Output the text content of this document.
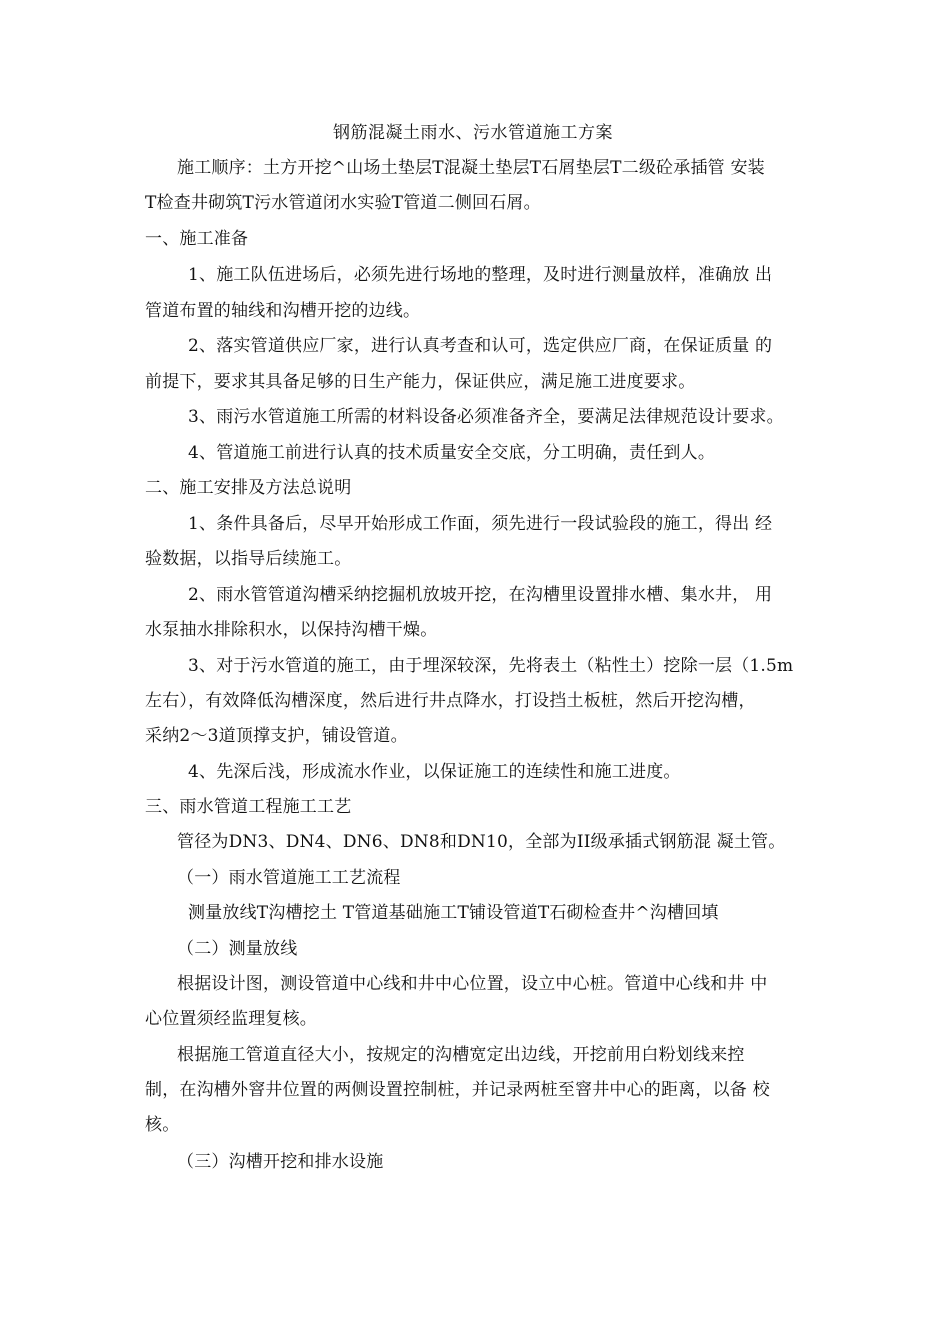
钢筋混凝土雨水、污水管道施工方案
施工顺序：土方开挖^山场土垫层T混凝土垫层T石屑垫层T二级砼承插管 安装
T检查井砌筑T污水管道闭水实验T管道二侧回石屑。
一、施工准备
1、施工队伍进场后，必须先进行场地的整理，及时进行测量放样，准确放 出
管道布置的轴线和沟槽开挖的边线。
2、落实管道供应厂家，进行认真考查和认可，选定供应厂商，在保证质量 的
前提下，要求其具备足够的日生产能力，保证供应，满足施工进度要求。
3、雨污水管道施工所需的材料设备必须准备齐全，要满足法律规范设计要求。
4、管道施工前进行认真的技术质量安全交底，分工明确，责任到人。
二、施工安排及方法总说明
1、条件具备后，尽早开始形成工作面，须先进行一段试验段的施工，得出 经
验数据，以指导后续施工。
2、雨水管管道沟槽采纳挖掘机放坡开挖，在沟槽里设置排水槽、集水井， 用
水泵抽水排除积水，以保持沟槽干燥。
3、对于污水管道的施工，由于埋深较深，先将表土（粘性土）挖除一层（1.5m
左右），有效降低沟槽深度，然后进行井点降水，打设挡土板桩，然后开挖沟槽，
采纳2〜3道顶撑支护，铺设管道。
4、先深后浅，形成流水作业，以保证施工的连续性和施工进度。
三、雨水管道工程施工工艺
管径为DN3、DN4、DN6、DN8和DN10，全部为II级承插式钢筋混 凝土管。
（一）雨水管道施工工艺流程
测量放线T沟槽挖土 T管道基础施工T铺设管道T石砌检查井^沟槽回填
（二）测量放线
根据设计图，测设管道中心线和井中心位置，设立中心桩。管道中心线和井 中
心位置须经监理复核。
根据施工管道直径大小，按规定的沟槽宽定出边线，开挖前用白粉划线来控
制，在沟槽外窨井位置的两侧设置控制桩，并记录两桩至窨井中心的距离，以备 校
核。
（三）沟槽开挖和排水设施
